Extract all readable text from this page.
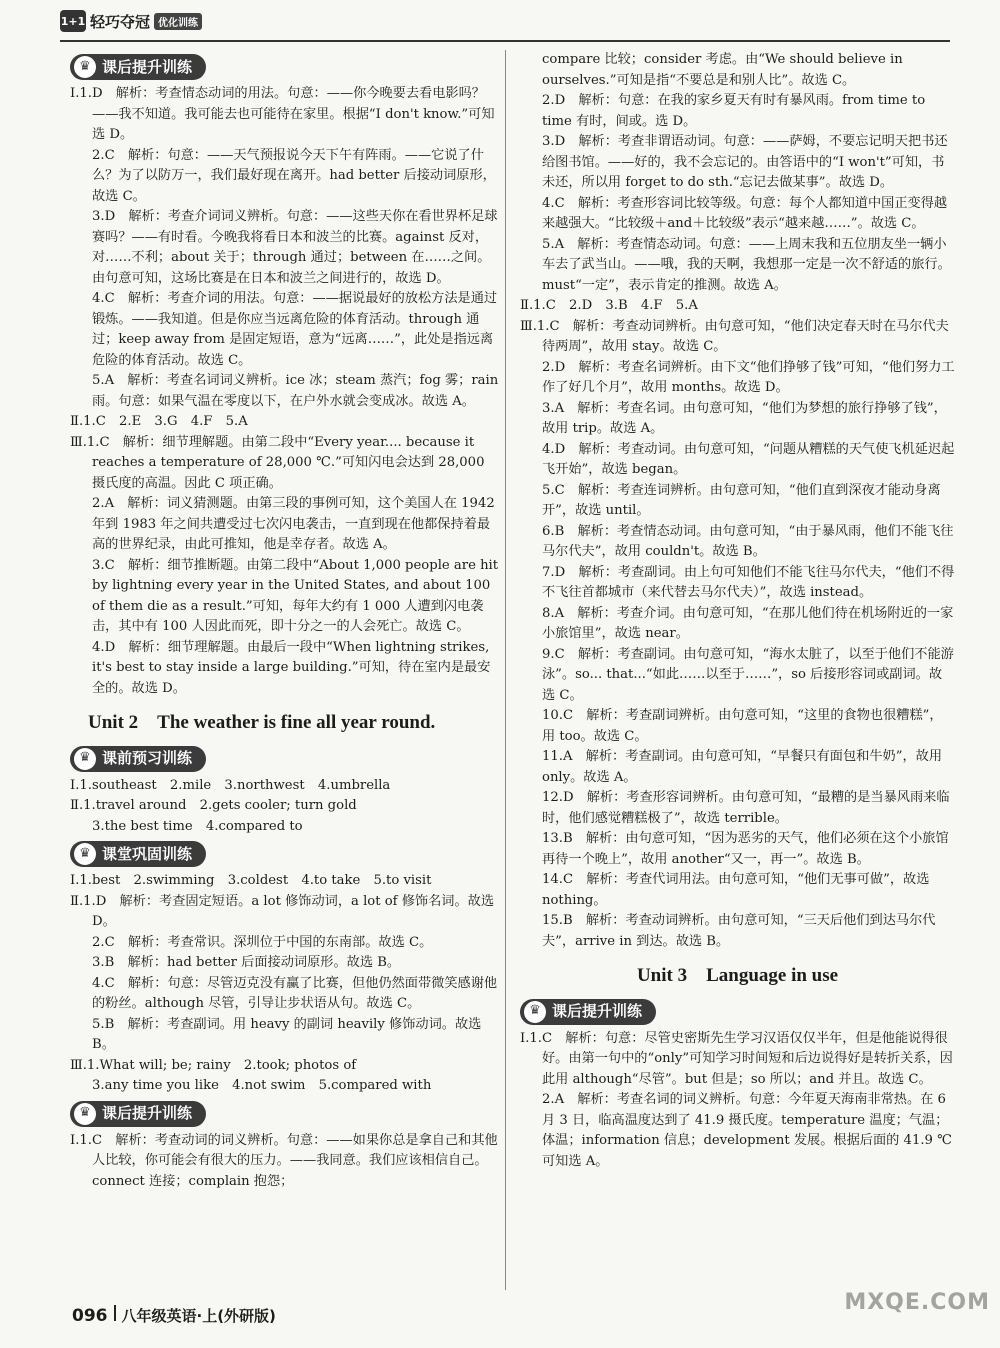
1+1 轻巧夺冠 优化训练
♛ 课后提升训练

Ⅰ.1.D　解析：考查情态动词的用法。句意：——你今晚要去看电影吗？——我不知道。我可能去也可能待在家里。根据“I don't know.”可知选 D。

2.C　解析：句意：——天气预报说今天下午有阵雨。——它说了什么？为了以防万一，我们最好现在离开。had better 后接动词原形，故选 C。

3.D　解析：考查介词词义辨析。句意：——这些天你在看世界杯足球赛吗？——有时看。今晚我将看日本和波兰的比赛。against 反对，对……不利；about 关于；through 通过；between 在……之间。由句意可知，这场比赛是在日本和波兰之间进行的，故选 D。

4.C　解析：考查介词的用法。句意：——据说最好的放松方法是通过锻炼。——我知道。但是你应当远离危险的体育活动。through 通过；keep away from 是固定短语，意为“远离……”，此处是指远离危险的体育活动。故选 C。

5.A　解析：考查名词词义辨析。ice 冰；steam 蒸汽；fog 雾；rain 雨。句意：如果气温在零度以下，在户外水就会变成冰。故选 A。

Ⅱ.1.C　2.E　3.G　4.F　5.A

Ⅲ.1.C　解析：细节理解题。由第二段中“Every year.... because it reaches a temperature of 28,000 ℃.”可知闪电会达到 28,000 摄氏度的高温。因此 C 项正确。

2.A　解析：词义猜测题。由第三段的事例可知，这个美国人在 1942 年到 1983 年之间共遭受过七次闪电袭击，一直到现在他都保持着最高的世界纪录，由此可推知，他是幸存者。故选 A。

3.C　解析：细节推断题。由第二段中“About 1,000 people are hit by lightning every year in the United States, and about 100 of them die as a result.”可知，每年大约有 1 000 人遭到闪电袭击，其中有 100 人因此而死，即十分之一的人会死亡。故选 C。

4.D　解析：细节理解题。由最后一段中“When lightning strikes, it's best to stay inside a large building.”可知，待在室内是最安全的。故选 D。

Unit 2　The weather is fine all year round.
♛ 课前预习训练

Ⅰ.1.southeast　2.mile　3.northwest　4.umbrella

Ⅱ.1.travel around　2.gets cooler; turn gold

3.the best time　4.compared to

♛ 课堂巩固训练

Ⅰ.1.best　2.swimming　3.coldest　4.to take　5.to visit

Ⅱ.1.D　解析：考查固定短语。a lot 修饰动词，a lot of 修饰名词。故选 D。

2.C　解析：考查常识。深圳位于中国的东南部。故选 C。

3.B　解析：had better 后面接动词原形。故选 B。

4.C　解析：句意：尽管迈克没有赢了比赛，但他仍然面带微笑感谢他的粉丝。although 尽管，引导让步状语从句。故选 C。

5.B　解析：考查副词。用 heavy 的副词 heavily 修饰动词。故选 B。

Ⅲ.1.What will; be; rainy　2.took; photos of

3.any time you like　4.not swim　5.compared with

♛ 课后提升训练

Ⅰ.1.C　解析：考查动词的词义辨析。句意：——如果你总是拿自己和其他人比较，你可能会有很大的压力。——我同意。我们应该相信自己。connect 连接；complain 抱怨；

compare 比较；consider 考虑。由“We should believe in ourselves.”可知是指“不要总是和别人比”。故选 C。

2.D　解析：句意：在我的家乡夏天有时有暴风雨。from time to time 有时，间或。选 D。

3.D　解析：考查非谓语动词。句意：——萨姆，不要忘记明天把书还给图书馆。——好的，我不会忘记的。由答语中的“I won't”可知，书未还，所以用 forget to do sth.“忘记去做某事”。故选 D。

4.C　解析：考查形容词比较等级。句意：每个人都知道中国正变得越来越强大。“比较级＋and＋比较级”表示“越来越……”。故选 C。

5.A　解析：考查情态动词。句意：——上周末我和五位朋友坐一辆小车去了武当山。——哦，我的天啊，我想那一定是一次不舒适的旅行。must“一定”，表示肯定的推测。故选 A。

Ⅱ.1.C　2.D　3.B　4.F　5.A

Ⅲ.1.C　解析：考查动词辨析。由句意可知，“他们决定春天时在马尔代夫待两周”，故用 stay。故选 C。

2.D　解析：考查名词辨析。由下文“他们挣够了钱”可知，“他们努力工作了好几个月”，故用 months。故选 D。

3.A　解析：考查名词。由句意可知，“他们为梦想的旅行挣够了钱”，故用 trip。故选 A。

4.D　解析：考查动词。由句意可知，“问题从糟糕的天气使飞机延迟起飞开始”，故选 began。

5.C　解析：考查连词辨析。由句意可知，“他们直到深夜才能动身离开”，故选 until。

6.B　解析：考查情态动词。由句意可知，“由于暴风雨，他们不能飞往马尔代夫”，故用 couldn't。故选 B。

7.D　解析：考查副词。由上句可知他们不能飞往马尔代夫，“他们不得不飞往首都城市（来代替去马尔代夫）”，故选 instead。

8.A　解析：考查介词。由句意可知，“在那儿他们待在机场附近的一家小旅馆里”，故选 near。

9.C　解析：考查副词。由句意可知，“海水太脏了，以至于他们不能游泳”。so... that...“如此……以至于……”，so 后接形容词或副词。故选 C。

10.C　解析：考查副词辨析。由句意可知，“这里的食物也很糟糕”，用 too。故选 C。

11.A　解析：考查副词。由句意可知，“早餐只有面包和牛奶”，故用 only。故选 A。

12.D　解析：考查形容词辨析。由句意可知，“最糟的是当暴风雨来临时，他们感觉糟糕极了”，故选 terrible。

13.B　解析：由句意可知，“因为恶劣的天气，他们必须在这个小旅馆再待一个晚上”，故用 another“又一，再一”。故选 B。

14.C　解析：考查代词用法。由句意可知，“他们无事可做”，故选 nothing。

15.B　解析：考查动词辨析。由句意可知，“三天后他们到达马尔代夫”，arrive in 到达。故选 B。

Unit 3　Language in use
♛ 课后提升训练

Ⅰ.1.C　解析：句意：尽管史密斯先生学习汉语仅仅半年，但是他能说得很好。由第一句中的“only”可知学习时间短和后边说得好是转折关系，因此用 although“尽管”。but 但是；so 所以；and 并且。故选 C。

2.A　解析：考查名词的词义辨析。句意：今年夏天海南非常热。在 6 月 3 日，临高温度达到了 41.9 摄氏度。temperature 温度；气温；体温；information 信息；development 发展。根据后面的 41.9 ℃可知选 A。

096 八年级英语·上(外研版)
MXQE.COM
